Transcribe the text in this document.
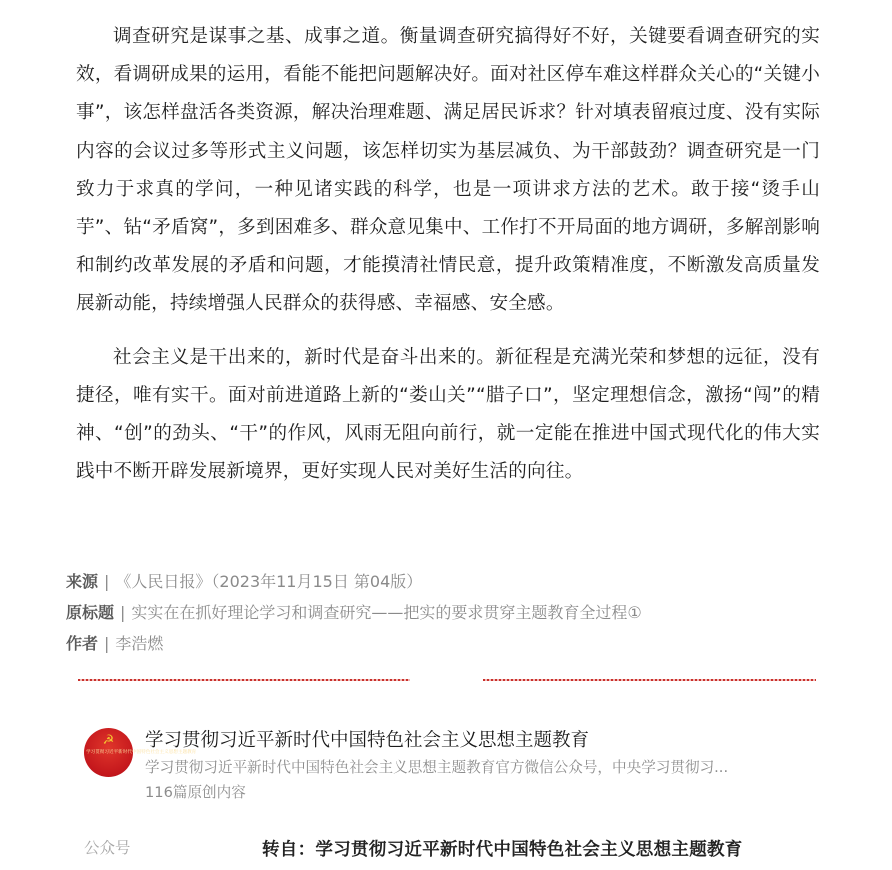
调查研究是谋事之基、成事之道。衡量调查研究搞得好不好，关键要看调查研究的实效，看调研成果的运用，看能不能把问题解决好。面对社区停车难这样群众关心的“关键小事”，该怎样盘活各类资源，解决治理难题、满足居民诉求？针对填表留痕过度、没有实际内容的会议过多等形式主义问题，该怎样切实为基层减负、为干部鼓劲？调查研究是一门致力于求真的学问，一种见诸实践的科学，也是一项讲求方法的艺术。敢于接“烫手山芋”、钻“矛盾窝”，多到困难多、群众意见集中、工作打不开局面的地方调研，多解剖影响和制约改革发展的矛盾和问题，才能摸清社情民意，提升政策精准度，不断激发高质量发展新动能，持续增强人民群众的获得感、幸福感、安全感。

社会主义是干出来的，新时代是奋斗出来的。新征程是充满光荣和梦想的远征，没有捷径，唯有实干。面对前进道路上新的“娄山关”“腊子口”，坚定理想信念，激扬“闯”的精神、“创”的劲头、“干”的作风，风雨无阻向前行，就一定能在推进中国式现代化的伟大实践中不断开辟发展新境界，更好实现人民对美好生活的向往。

来源 | 《人民日报》（2023年11月15日 第04版）
原标题 | 实实在在抓好理论学习和调查研究——把实的要求贯穿主题教育全过程①
作者 | 李浩燃
☭
学习贯彻习近平新时代中国特色社会主义思想主题教育
学习贯彻习近平新时代中国特色社会主义思想主题教育
学习贯彻习近平新时代中国特色社会主义思想主题教育官方微信公众号，中央学习贯彻习...
116篇原创内容
公众号	转自：学习贯彻习近平新时代中国特色社会主义思想主题教育
